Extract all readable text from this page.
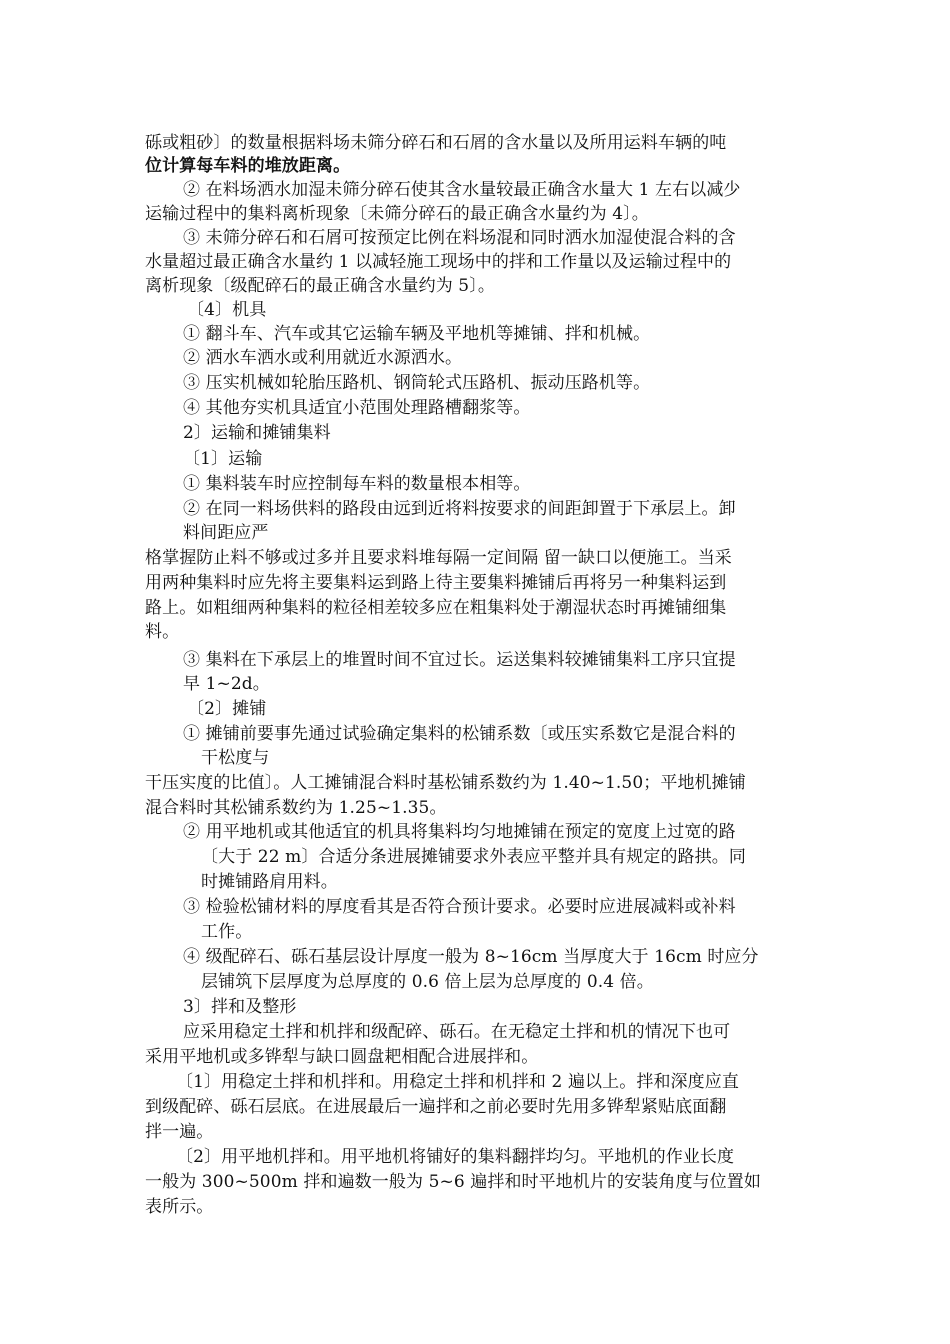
砾或粗砂〕的数量根据料场未筛分碎石和石屑的含水量以及所用运料车辆的吨
位计算每车料的堆放距离。
② 在料场洒水加湿未筛分碎石使其含水量较最正确含水量大 1 左右以减少
运输过程中的集料离析现象〔未筛分碎石的最正确含水量约为 4〕。
③ 未筛分碎石和石屑可按预定比例在料场混和同时洒水加湿使混合料的含
水量超过最正确含水量约 1 以减轻施工现场中的拌和工作量以及运输过程中的
离析现象〔级配碎石的最正确含水量约为 5〕。
〔4〕机具
① 翻斗车、汽车或其它运输车辆及平地机等摊铺、拌和机械。
② 洒水车洒水或利用就近水源洒水。
③ 压实机械如轮胎压路机、钢筒轮式压路机、振动压路机等。
④ 其他夯实机具适宜小范围处理路槽翻浆等。
2〕运输和摊铺集料
〔1〕运输
① 集料装车时应控制每车料的数量根本相等。
② 在同一料场供料的路段由远到近将料按要求的间距卸置于下承层上。卸
料间距应严
格掌握防止料不够或过多并且要求料堆每隔一定间隔 留一缺口以便施工。当采
用两种集料时应先将主要集料运到路上待主要集料摊铺后再将另一种集料运到
路上。如粗细两种集料的粒径相差较多应在粗集料处于潮湿状态时再摊铺细集
料。
③ 集料在下承层上的堆置时间不宜过长。运送集料较摊铺集料工序只宜提
早 1~2d。
〔2〕摊铺
① 摊铺前要事先通过试验确定集料的松铺系数〔或压实系数它是混合料的
干松度与
干压实度的比值〕。人工摊铺混合料时基松铺系数约为 1.40~1.50；平地机摊铺
混合料时其松铺系数约为 1.25~1.35。
② 用平地机或其他适宜的机具将集料均匀地摊铺在预定的宽度上过宽的路
〔大于 22 m〕合适分条进展摊铺要求外表应平整并具有规定的路拱。同
时摊铺路肩用料。
③ 检验松铺材料的厚度看其是否符合预计要求。必要时应进展减料或补料
工作。
④ 级配碎石、砾石基层设计厚度一般为 8~16cm 当厚度大于 16cm 时应分
层铺筑下层厚度为总厚度的 0.6 倍上层为总厚度的 0.4 倍。
3〕拌和及整形
应采用稳定土拌和机拌和级配碎、砾石。在无稳定土拌和机的情况下也可
采用平地机或多铧犁与缺口圆盘耙相配合进展拌和。
〔1〕用稳定土拌和机拌和。用稳定土拌和机拌和 2 遍以上。拌和深度应直
到级配碎、砾石层底。在进展最后一遍拌和之前必要时先用多铧犁紧贴底面翻
拌一遍。
〔2〕用平地机拌和。用平地机将铺好的集料翻拌均匀。平地机的作业长度
一般为 300~500m 拌和遍数一般为 5~6 遍拌和时平地机片的安装角度与位置如
表所示。
